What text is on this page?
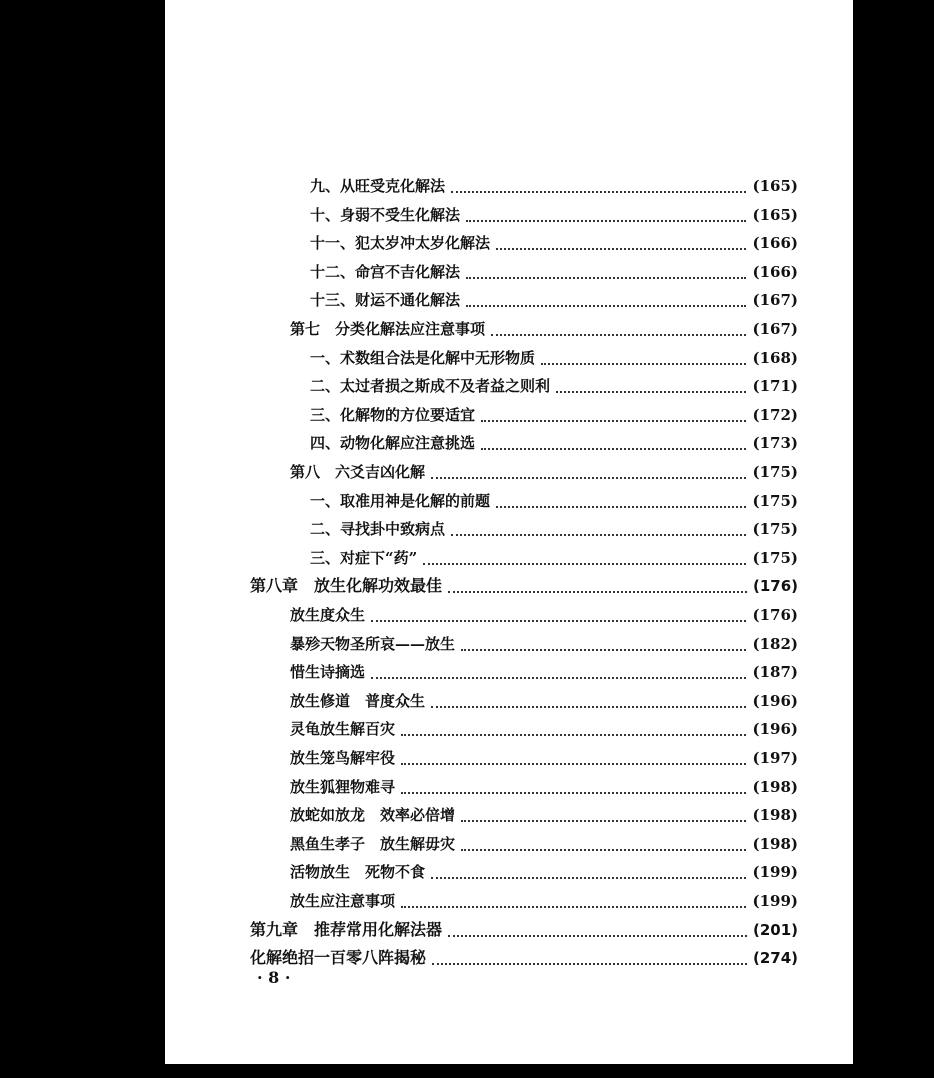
九、从旺受克化解法	(165)
十、身弱不受生化解法	(165)
十一、犯太岁冲太岁化解法	(166)
十二、命宫不吉化解法	(166)
十三、财运不通化解法	(167)
第七　分类化解法应注意事项	(167)
一、术数组合法是化解中无形物质	(168)
二、太过者损之斯成不及者益之则利	(171)
三、化解物的方位要适宜	(172)
四、动物化解应注意挑选	(173)
第八　六爻吉凶化解	(175)
一、取准用神是化解的前题	(175)
二、寻找卦中致病点	(175)
三、对症下“药”	(175)
第八章　放生化解功效最佳	(176)
放生度众生	(176)
暴殄天物圣所哀——放生	(182)
惜生诗摘选	(187)
放生修道　普度众生	(196)
灵龟放生解百灾	(196)
放生笼鸟解牢役	(197)
放生狐狸物难寻	(198)
放蛇如放龙　效率必倍增	(198)
黑鱼生孝子　放生解毋灾	(198)
活物放生　死物不食	(199)
放生应注意事项	(199)
第九章　推荐常用化解法器	(201)
化解绝招一百零八阵揭秘	(274)
· 8 ·
